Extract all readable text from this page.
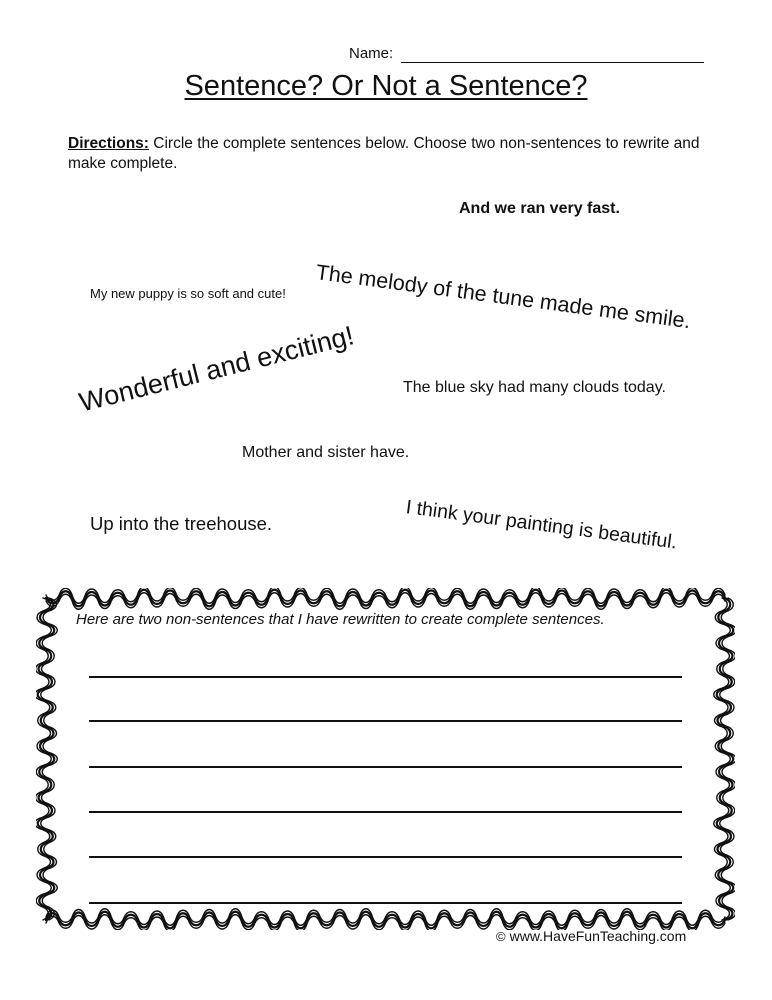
Name:
Sentence? Or Not a Sentence?
Directions: Circle the complete sentences below. Choose two non-sentences to rewrite and make complete.
And we ran very fast.
My new puppy is so soft and cute! The melody of the tune made me smile.
Wonderful and exciting!	The blue sky had many clouds today.
Mother and sister have.
Up into the treehouse.	I think your painting is beautiful.
Here are two non-sentences that I have rewritten to create complete sentences.
© www.HaveFunTeaching.com
